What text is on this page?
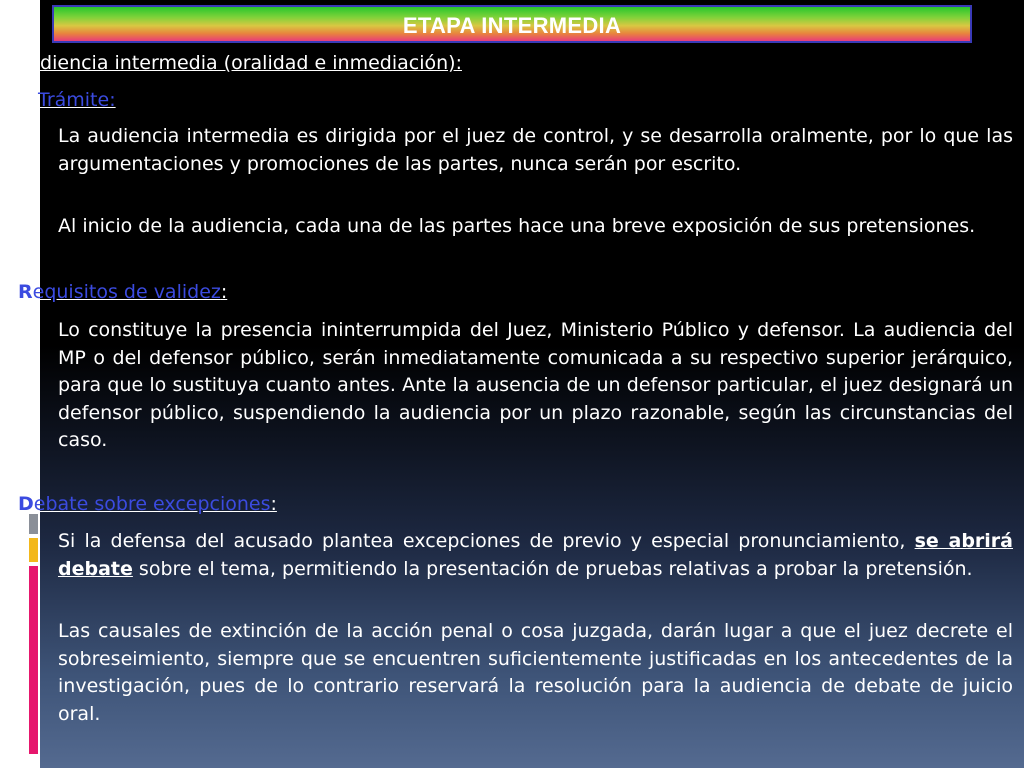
ETAPA INTERMEDIA
udiencia intermedia (oralidad e inmediación):
Trámite:
La audiencia intermedia es dirigida por el juez de control, y se desarrolla oralmente, por lo que las argumentaciones y promociones de las partes, nunca serán por escrito.
Al inicio de la audiencia, cada una de las partes hace una breve exposición de sus pretensiones.
Requisitos de validez:
Lo constituye la presencia ininterrumpida del Juez, Ministerio Público y defensor. La audiencia del MP o del defensor público, serán inmediatamente comunicada a su respectivo superior jerárquico, para que lo sustituya cuanto antes. Ante la ausencia de un defensor particular, el juez designará un defensor público, suspendiendo la audiencia por un plazo razonable, según las circunstancias del caso.
Debate sobre excepciones:
Si la defensa del acusado plantea excepciones de previo y especial pronunciamiento, se abrirá debate sobre el tema, permitiendo la presentación de pruebas relativas a probar la pretensión.
Las causales de extinción de la acción penal o cosa juzgada, darán lugar a que el juez decrete el sobreseimiento, siempre que se encuentren suficientemente justificadas en los antecedentes de la investigación, pues de lo contrario reservará la resolución para la audiencia de debate de juicio oral.
